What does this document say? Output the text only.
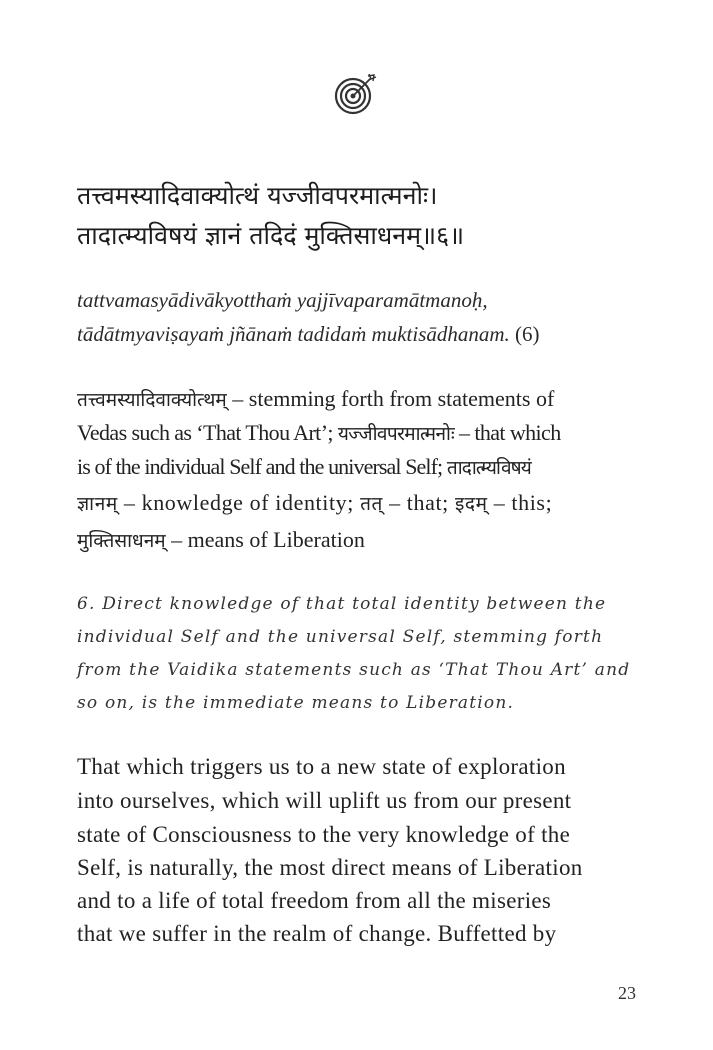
तत्त्वमस्यादिवाक्योत्थं यज्जीवपरमात्मनोः।
तादात्म्यविषयं ज्ञानं तदिदं मुक्तिसाधनम्॥६॥
tattvamasyādivākyotthaṁ yajjīvaparamātmanoḥ,
tādātmyaviṣayaṁ jñānaṁ tadidaṁ muktisādhanam. (6)
तत्त्वमस्यादिवाक्योत्थम् – stemming forth from statements of
Vedas such as ‘That Thou Art’; यज्जीवपरमात्मनोः – that which
is of the individual Self and the universal Self; तादात्म्यविषयं
ज्ञानम् – knowledge of identity; तत् – that; इदम् – this;
मुक्तिसाधनम् – means of Liberation
6. Direct knowledge of that total identity between the
individual Self and the universal Self, stemming forth
from the Vaidika statements such as ‘That Thou Art’ and
so on, is the immediate means to Liberation.
That which triggers us to a new state of exploration
into ourselves, which will uplift us from our present
state of Consciousness to the very knowledge of the
Self, is naturally, the most direct means of Liberation
and to a life of total freedom from all the miseries
that we suffer in the realm of change. Buffetted by
23
